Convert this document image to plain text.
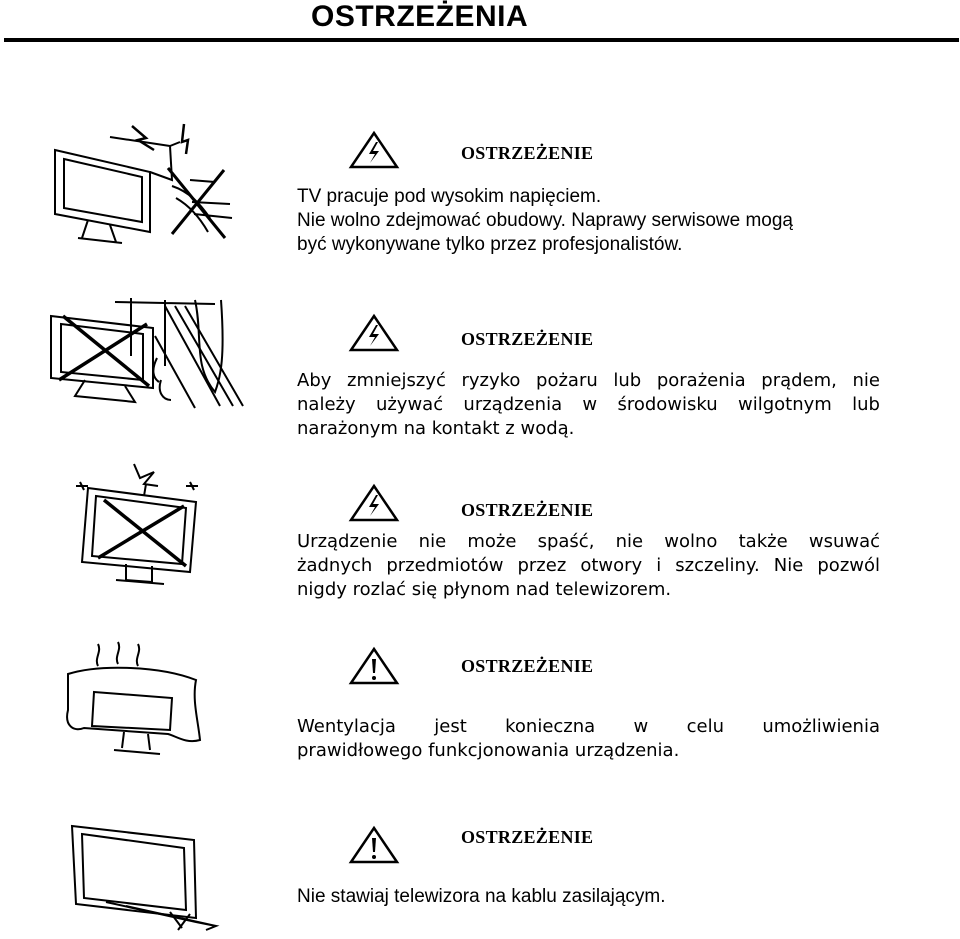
OSTRZEŻENIA
OSTRZEŻENIE
TV pracuje pod wysokim napięciem.
Nie wolno zdejmować obudowy. Naprawy serwisowe mogą
być wykonywane tylko przez profesjonalistów.
OSTRZEŻENIE
Aby zmniejszyć ryzyko pożaru lub porażenia prądem, nie
należy używać urządzenia w środowisku wilgotnym lub
narażonym na kontakt z wodą.
OSTRZEŻENIE
Urządzenie nie może spaść, nie wolno także wsuwać
żadnych przedmiotów przez otwory i szczeliny. Nie pozwól
nigdy rozlać się płynom nad telewizorem.
OSTRZEŻENIE
Wentylacja jest konieczna w celu umożliwienia
prawidłowego funkcjonowania urządzenia.
OSTRZEŻENIE
Nie stawiaj telewizora na kablu zasilającym.
